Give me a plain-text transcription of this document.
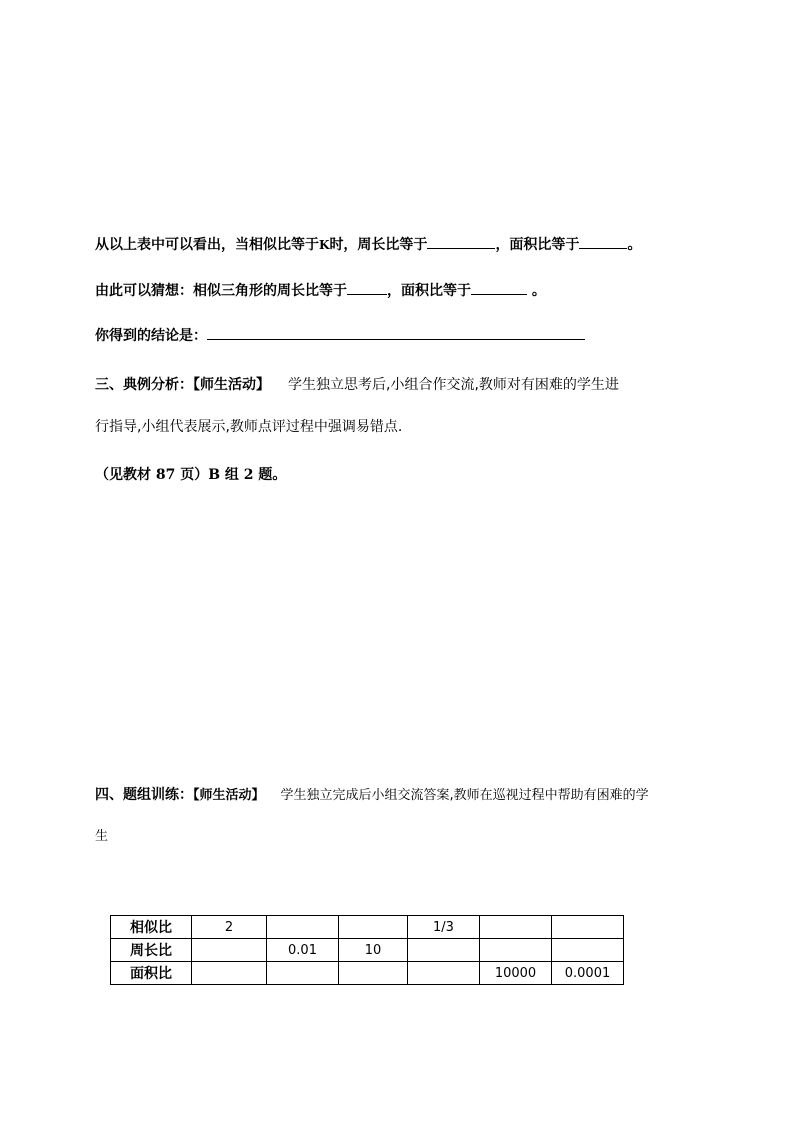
从以上表中可以看出，当相似比等于K时，周长比等于	，面积比等于	。
由此可以猜想：相似三角形的周长比等于	，面积比等于	。
你得到的结论是：
三、典例分析：【师生活动】 学生独立思考后,小组合作交流,教师对有困难的学生进
行指导,小组代表展示,教师点评过程中强调易错点.
（见教材 87 页）B 组 2 题。
四、题组训练：【师生活动】 学生独立完成后小组交流答案,教师在巡视过程中帮助有困难的学
生
相似比	2			1/3		
周长比		0.01	10			
面积比					10000	0.0001
